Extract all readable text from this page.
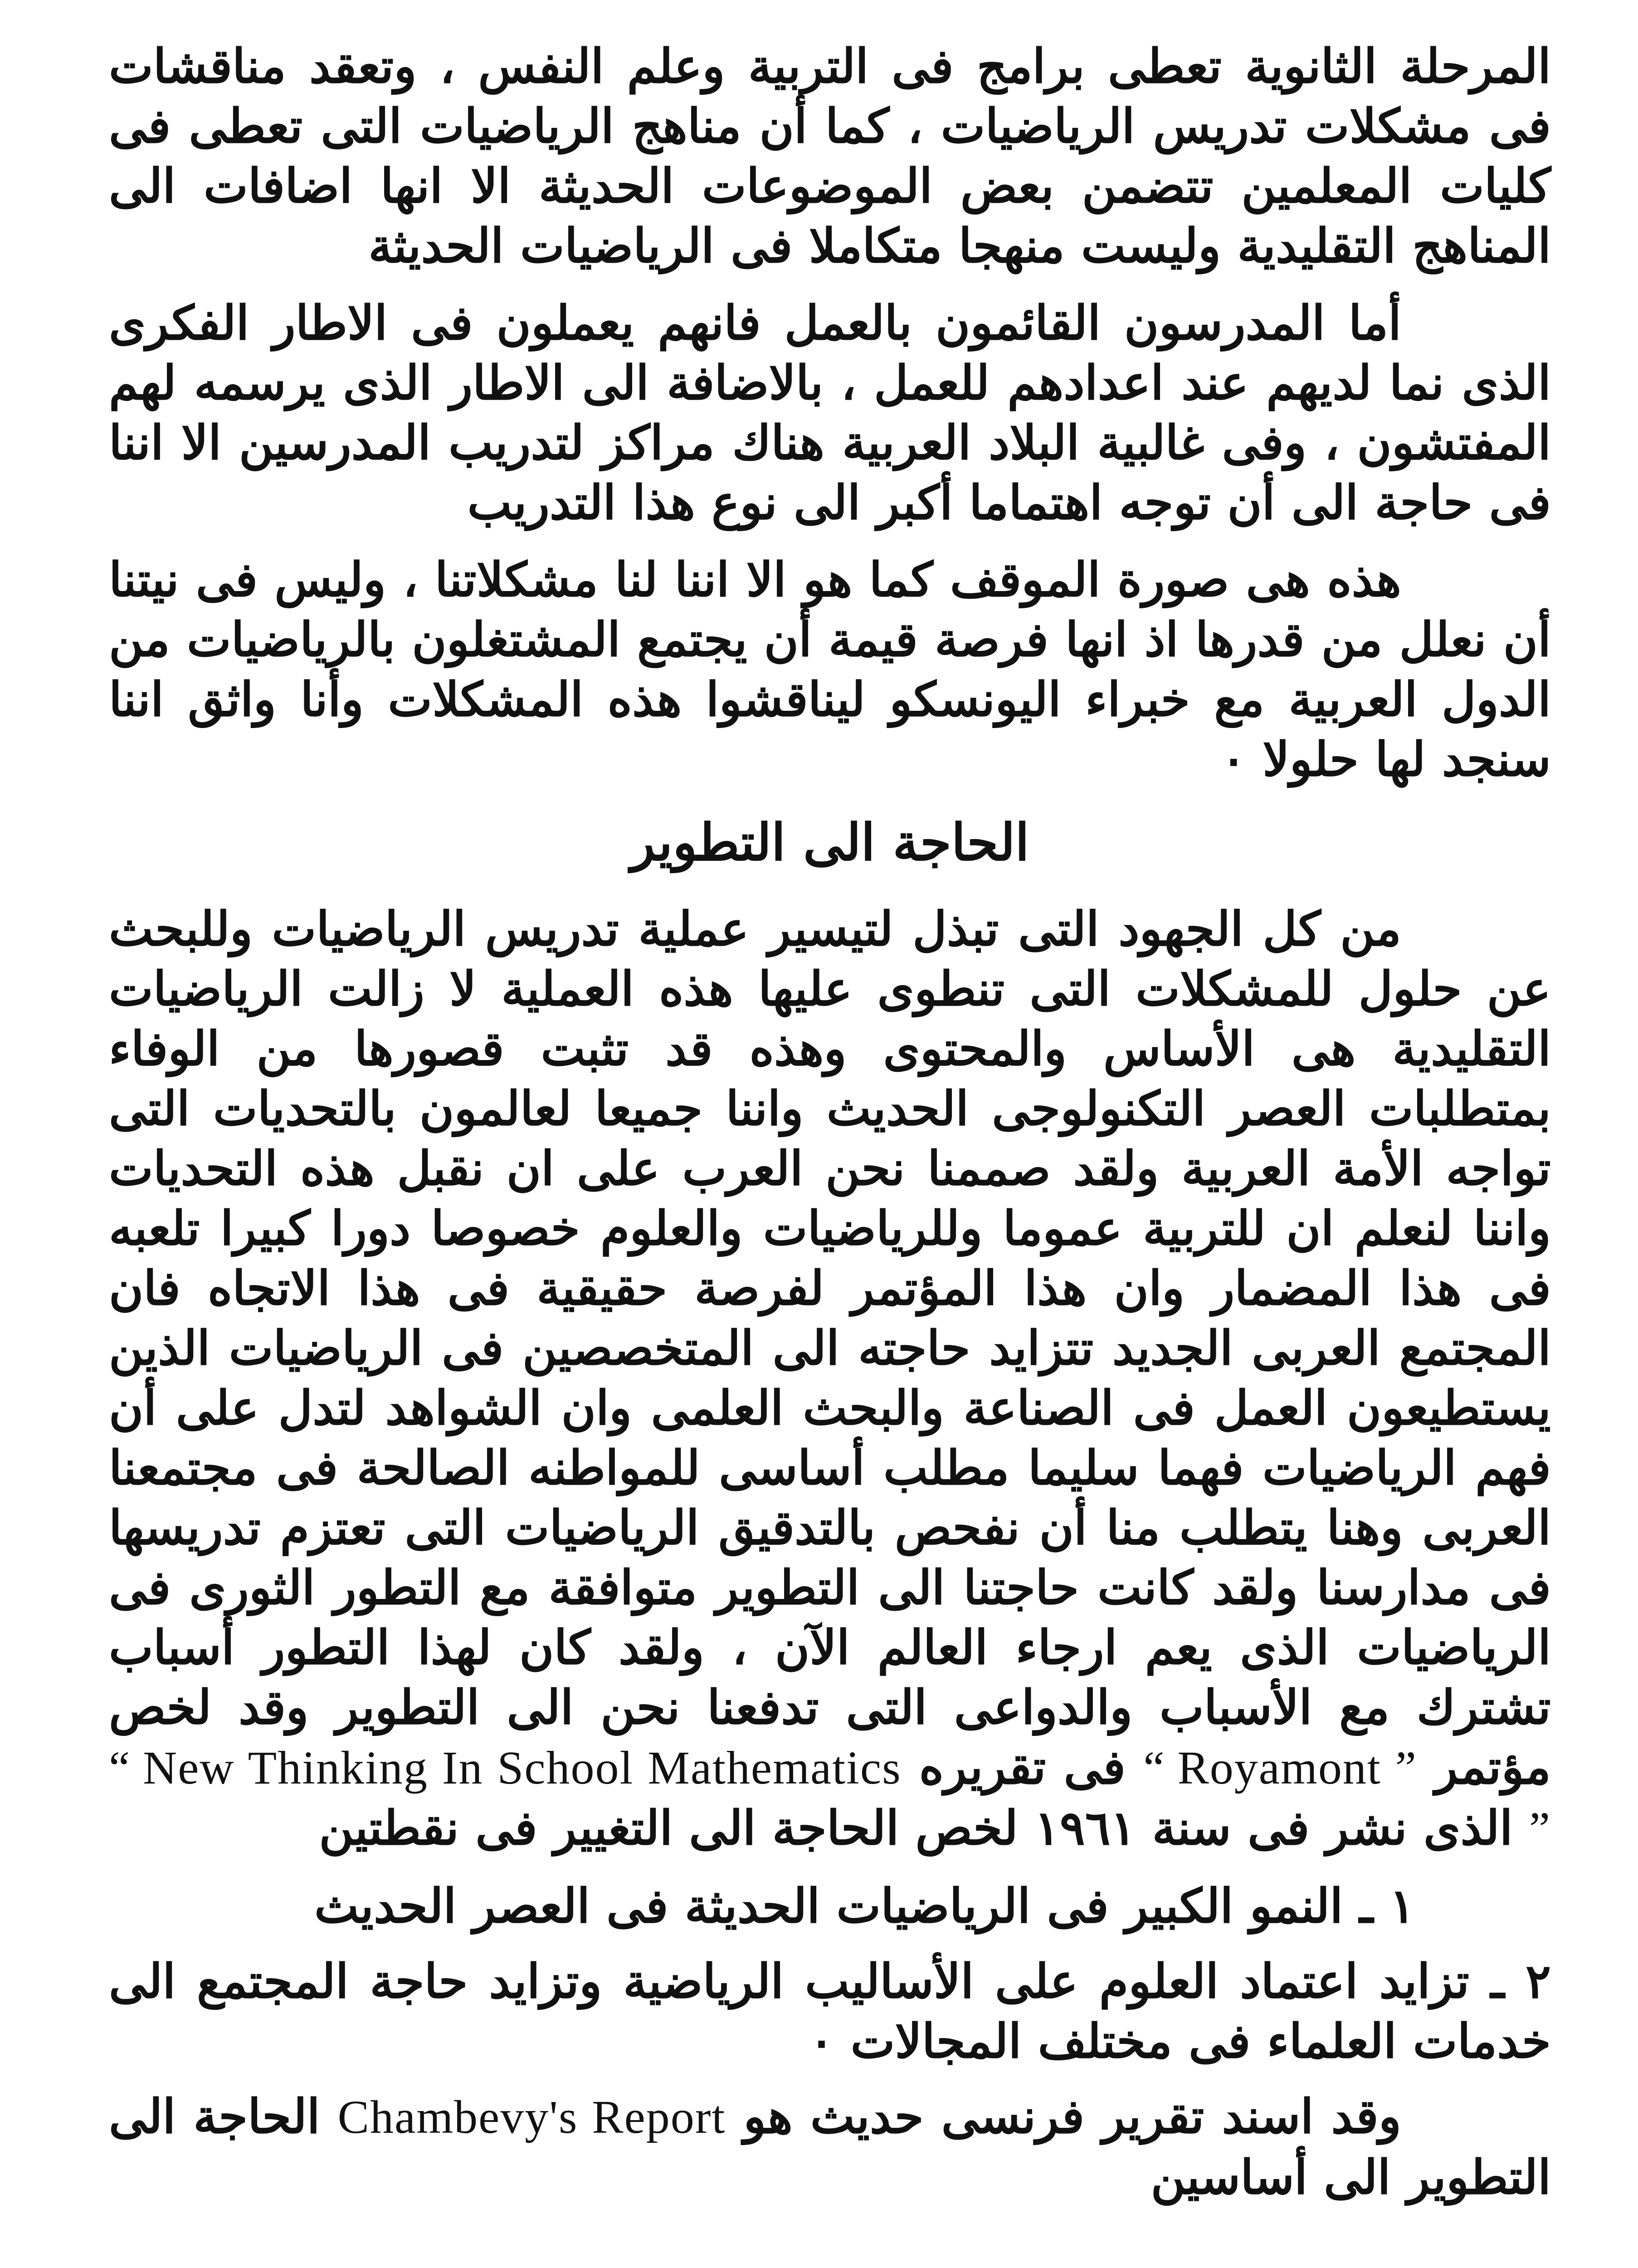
المرحلة الثانوية تعطى برامج فى التربية وعلم النفس ، وتعقد مناقشات فى مشكلات تدريس الرياضيات ، كما أن مناهج الرياضيات التى تعطى فى كليات المعلمين تتضمن بعض الموضوعات الحديثة الا انها اضافات الى المناهج التقليدية وليست منهجا متكاملا فى الرياضيات الحديثة

أما المدرسون القائمون بالعمل فانهم يعملون فى الاطار الفكرى الذى نما لديهم عند اعدادهم للعمل ، بالاضافة الى الاطار الذى يرسمه لهم المفتشون ، وفى غالبية البلاد العربية هناك مراكز لتدريب المدرسين الا اننا فى حاجة الى أن توجه اهتماما أكبر الى نوع هذا التدريب

هذه هى صورة الموقف كما هو الا اننا لنا مشكلاتنا ، وليس فى نيتنا أن نعلل من قدرها اذ انها فرصة قيمة أن يجتمع المشتغلون بالرياضيات من الدول العربية مع خبراء اليونسكو ليناقشوا هذه المشكلات وأنا واثق اننا سنجد لها حلولا ٠

الحاجة الى التطوير

من كل الجهود التى تبذل لتيسير عملية تدريس الرياضيات وللبحث عن حلول للمشكلات التى تنطوى عليها هذه العملية لا زالت الرياضيات التقليدية هى الأساس والمحتوى وهذه قد تثبت قصورها من الوفاء بمتطلبات العصر التكنولوجى الحديث واننا جميعا لعالمون بالتحديات التى تواجه الأمة العربية ولقد صممنا نحن العرب على ان نقبل هذه التحديات واننا لنعلم ان للتربية عموما وللرياضيات والعلوم خصوصا دورا كبيرا تلعبه فى هذا المضمار وان هذا المؤتمر لفرصة حقيقية فى هذا الاتجاه فان المجتمع العربى الجديد تتزايد حاجته الى المتخصصين فى الرياضيات الذين يستطيعون العمل فى الصناعة والبحث العلمى وان الشواهد لتدل على أن فهم الرياضيات فهما سليما مطلب أساسى للمواطنه الصالحة فى مجتمعنا العربى وهنا يتطلب منا أن نفحص بالتدقيق الرياضيات التى تعتزم تدريسها فى مدارسنا ولقد كانت حاجتنا الى التطوير متوافقة مع التطور الثورى فى الرياضيات الذى يعم ارجاء العالم الآن ، ولقد كان لهذا التطور أسباب تشترك مع الأسباب والدواعى التى تدفعنا نحن الى التطوير وقد لخص مؤتمر “ Royamont ” فى تقريره “ New Thinking In School Mathematics ” الذى نشر فى سنة ١٩٦١ لخص الحاجة الى التغيير فى نقطتين

١ ـ النمو الكبير فى الرياضيات الحديثة فى العصر الحديث

٢ ـ تزايد اعتماد العلوم على الأساليب الرياضية وتزايد حاجة المجتمع الى خدمات العلماء فى مختلف المجالات ٠

وقد اسند تقرير فرنسى حديث هو Chambevy's Report الحاجة الى التطوير الى أساسين
